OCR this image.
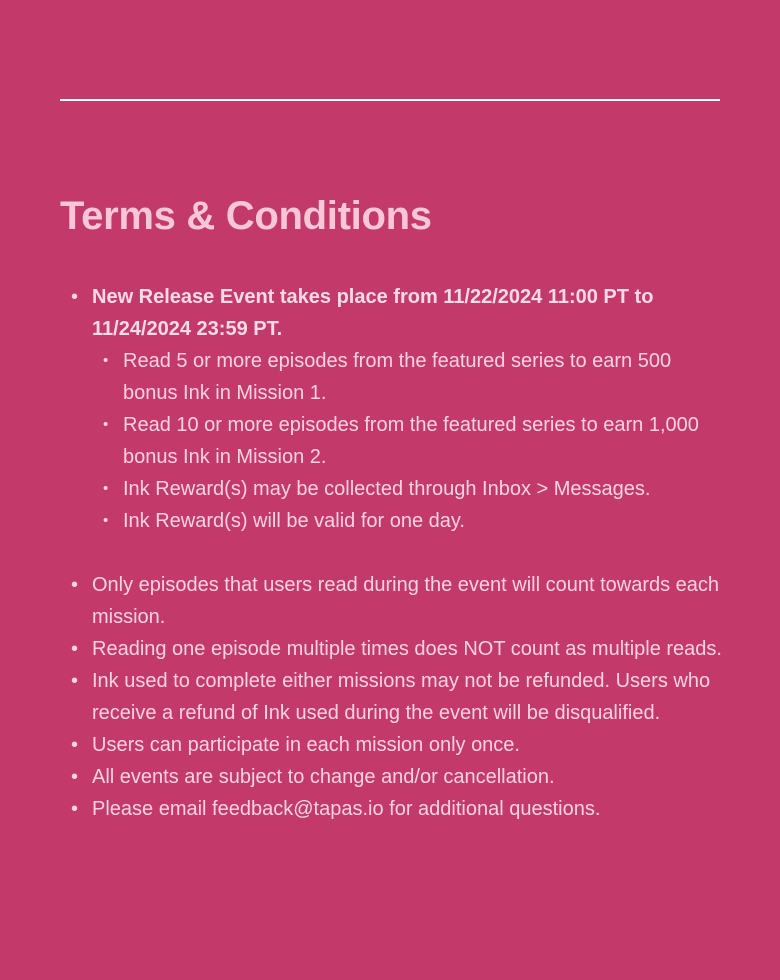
Terms & Conditions
• New Release Event takes place from 11/22/2024 11:00 PT to 11/24/2024 23:59 PT.
• Read 5 or more episodes from the featured series to earn 500 bonus Ink in Mission 1.
• Read 10 or more episodes from the featured series to earn 1,000 bonus Ink in Mission 2.
• Ink Reward(s) may be collected through Inbox > Messages.
• Ink Reward(s) will be valid for one day.
• Only episodes that users read during the event will count towards each mission.
• Reading one episode multiple times does NOT count as multiple reads.
• Ink used to complete either missions may not be refunded. Users who receive a refund of Ink used during the event will be disqualified.
• Users can participate in each mission only once.
• All events are subject to change and/or cancellation.
• Please email feedback@tapas.io for additional questions.
